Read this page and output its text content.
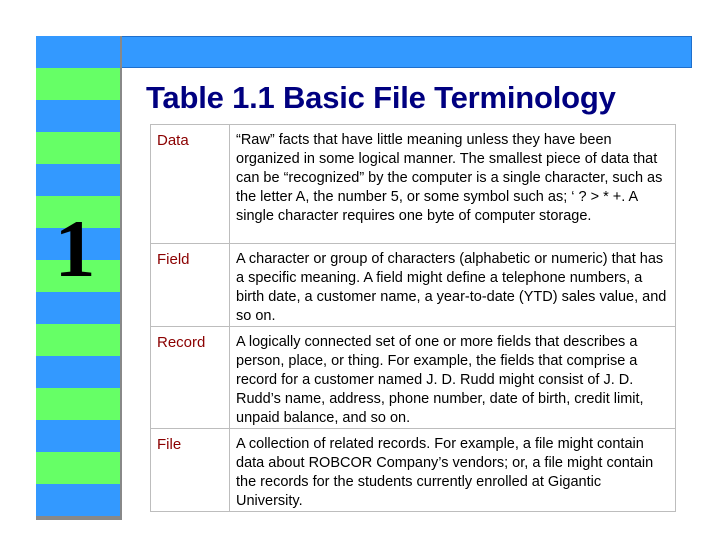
1
Table 1.1 Basic File Terminology
Data	“Raw” facts that have little meaning unless they have been organized in some logical manner. The smallest piece of data that can be “recognized” by the computer is a single character, such as the letter A, the number 5, or some symbol such as; ‘ ? > * +. A single character requires one byte of computer storage.
Field	A character or group of characters (alphabetic or numeric) that has a specific meaning. A field might define a telephone numbers, a birth date, a customer name, a year-to-date (YTD) sales value, and so on.
Record	A logically connected set of one or more fields that describes a person, place, or thing. For example, the fields that comprise a record for a customer named J. D. Rudd might consist of J. D. Rudd’s name, address, phone number, date of birth, credit limit, unpaid balance, and so on.
File	A collection of related records. For example, a file might contain data about ROBCOR Company’s vendors; or, a file might contain the records for the students currently enrolled at Gigantic University.
